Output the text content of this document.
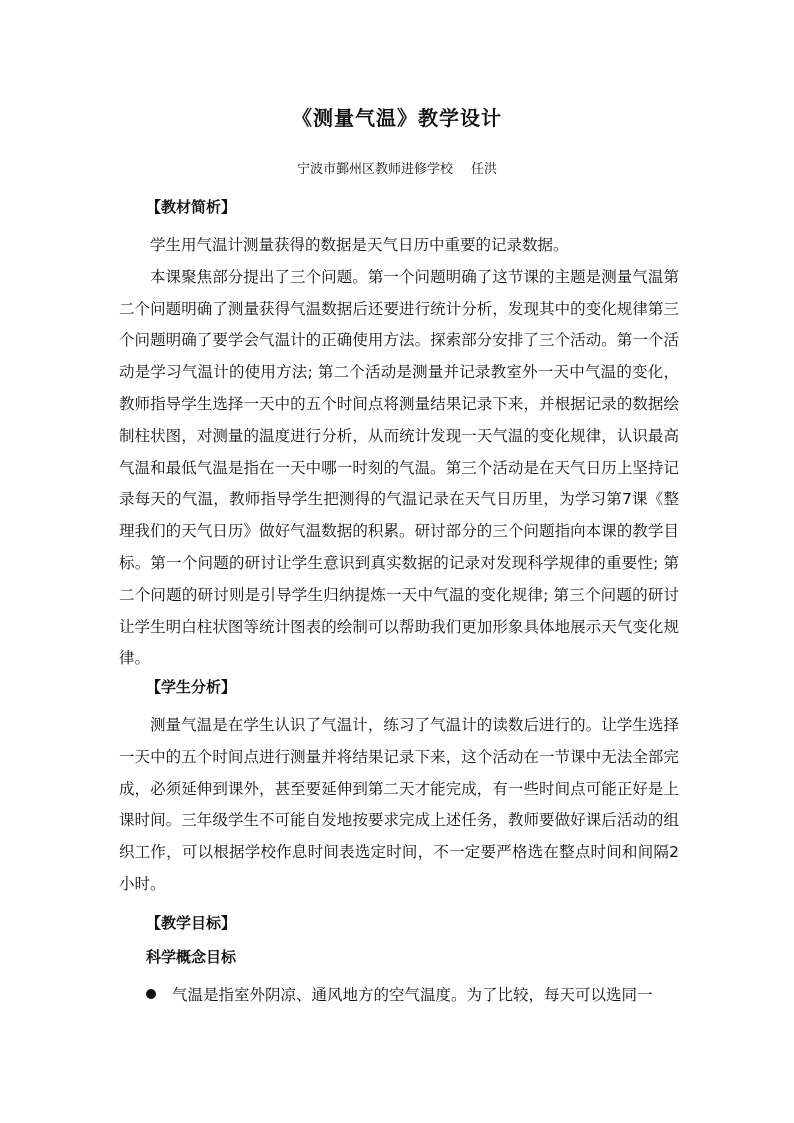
《测量气温》教学设计
宁波市鄞州区教师进修学校 任洪
【教材简析】

学生用气温计测量获得的数据是天气日历中重要的记录数据。

本课聚焦部分提出了三个问题。第一个问题明确了这节课的主题是测量气温第二个问题明确了测量获得气温数据后还要进行统计分析，发现其中的变化规律第三个问题明确了要学会气温计的正确使用方法。探索部分安排了三个活动。第一个活动是学习气温计的使用方法; 第二个活动是测量并记录教室外一天中气温的变化，教师指导学生选择一天中的五个时间点将测量结果记录下来，并根据记录的数据绘制柱状图，对测量的温度进行分析，从而统计发现一天气温的变化规律，认识最高气温和最低气温是指在一天中哪一时刻的气温。第三个活动是在天气日历上坚持记录每天的气温，教师指导学生把测得的气温记录在天气日历里，为学习第7课《整理我们的天气日历》做好气温数据的积累。研讨部分的三个问题指向本课的教学目标。第一个问题的研讨让学生意识到真实数据的记录对发现科学规律的重要性; 第二个问题的研讨则是引导学生归纳提炼一天中气温的变化规律; 第三个问题的研讨让学生明白柱状图等统计图表的绘制可以帮助我们更加形象具体地展示天气变化规律。

【学生分析】

测量气温是在学生认识了气温计，练习了气温计的读数后进行的。让学生选择一天中的五个时间点进行测量并将结果记录下来，这个活动在一节课中无法全部完成，必须延伸到课外，甚至要延伸到第二天才能完成，有一些时间点可能正好是上课时间。三年级学生不可能自发地按要求完成上述任务，教师要做好课后活动的组织工作，可以根据学校作息时间表选定时间，不一定要严格选在整点时间和间隔2小时。

【教学目标】
科学概念目标
气温是指室外阴凉、通风地方的空气温度。为了比较，每天可以选同一
